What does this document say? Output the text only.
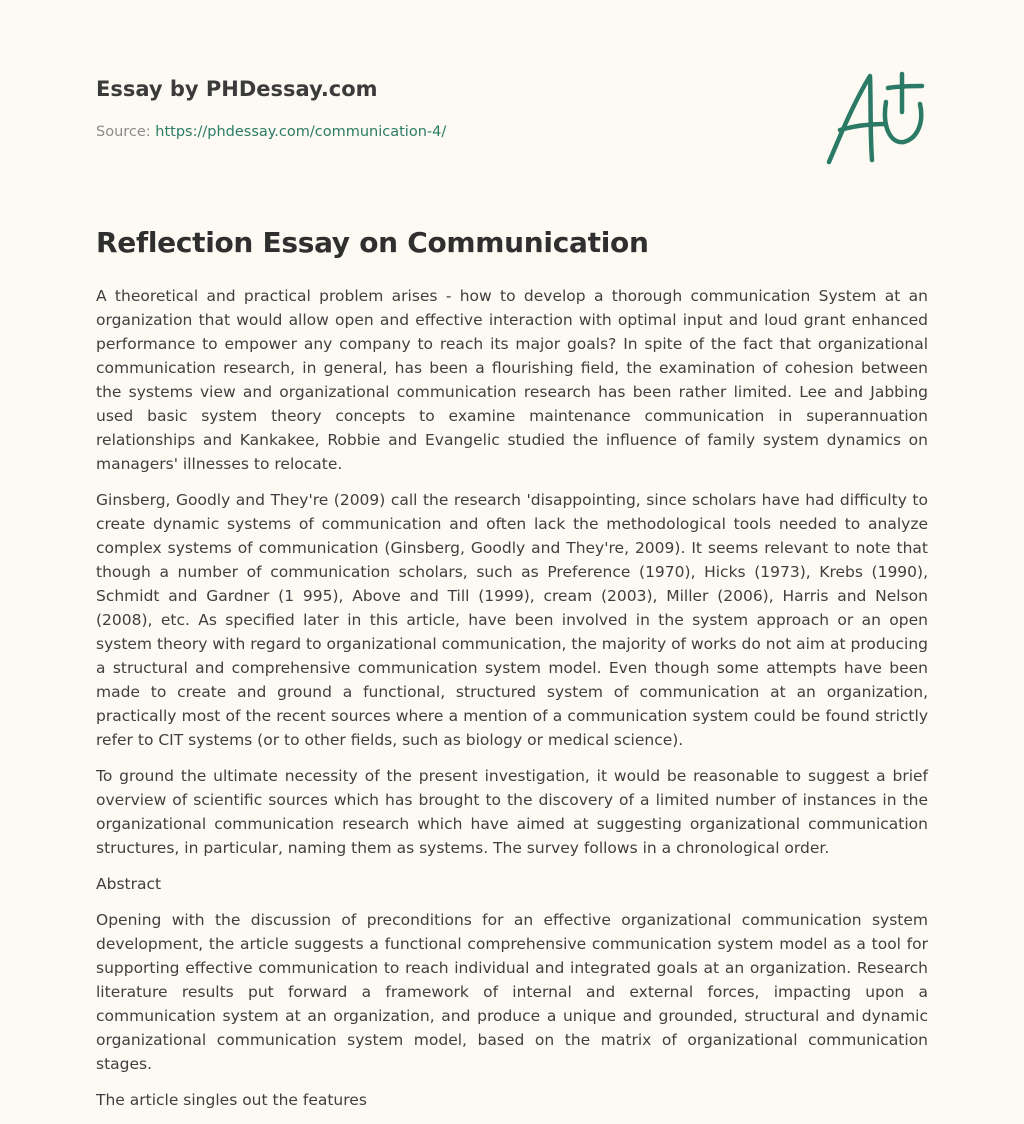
Essay by PHDessay.com
Source: https://phdessay.com/communication-4/
Reflection Essay on Communication

A theoretical and practical problem arises - how to develop a thorough communication System at an organization that would allow open and effective interaction with optimal input and loud grant enhanced performance to empower any company to reach its major goals? In spite of the fact that organizational communication research, in general, has been a flourishing field, the examination of cohesion between the systems view and organizational communication research has been rather limited. Lee and Jabbing used basic system theory concepts to examine maintenance communication in superannuation relationships and Kankakee, Robbie and Evangelic studied the influence of family system dynamics on managers' illnesses to relocate.

Ginsberg, Goodly and They're (2009) call the research 'disappointing, since scholars have had difficulty to create dynamic systems of communication and often lack the methodological tools needed to analyze complex systems of communication (Ginsberg, Goodly and They're, 2009). It seems relevant to note that though a number of communication scholars, such as Preference (1970), Hicks (1973), Krebs (1990), Schmidt and Gardner (1 995), Above and Till (1999), cream (2003), Miller (2006), Harris and Nelson (2008), etc. As specified later in this article, have been involved in the system approach or an open system theory with regard to organizational communication, the majority of works do not aim at producing a structural and comprehensive communication system model. Even though some attempts have been made to create and ground a functional, structured system of communication at an organization, practically most of the recent sources where a mention of a communication system could be found strictly refer to CIT systems (or to other fields, such as biology or medical science).

To ground the ultimate necessity of the present investigation, it would be reasonable to suggest a brief overview of scientific sources which has brought to the discovery of a limited number of instances in the organizational communication research which have aimed at suggesting organizational communication structures, in particular, naming them as systems. The survey follows in a chronological order.

Abstract

Opening with the discussion of preconditions for an effective organizational communication system development, the article suggests a functional comprehensive communication system model as a tool for supporting effective communication to reach individual and integrated goals at an organization. Research literature results put forward a framework of internal and external forces, impacting upon a communication system at an organization, and produce a unique and grounded, structural and dynamic organizational communication system model, based on the matrix of organizational communication stages.

The article singles out the features
